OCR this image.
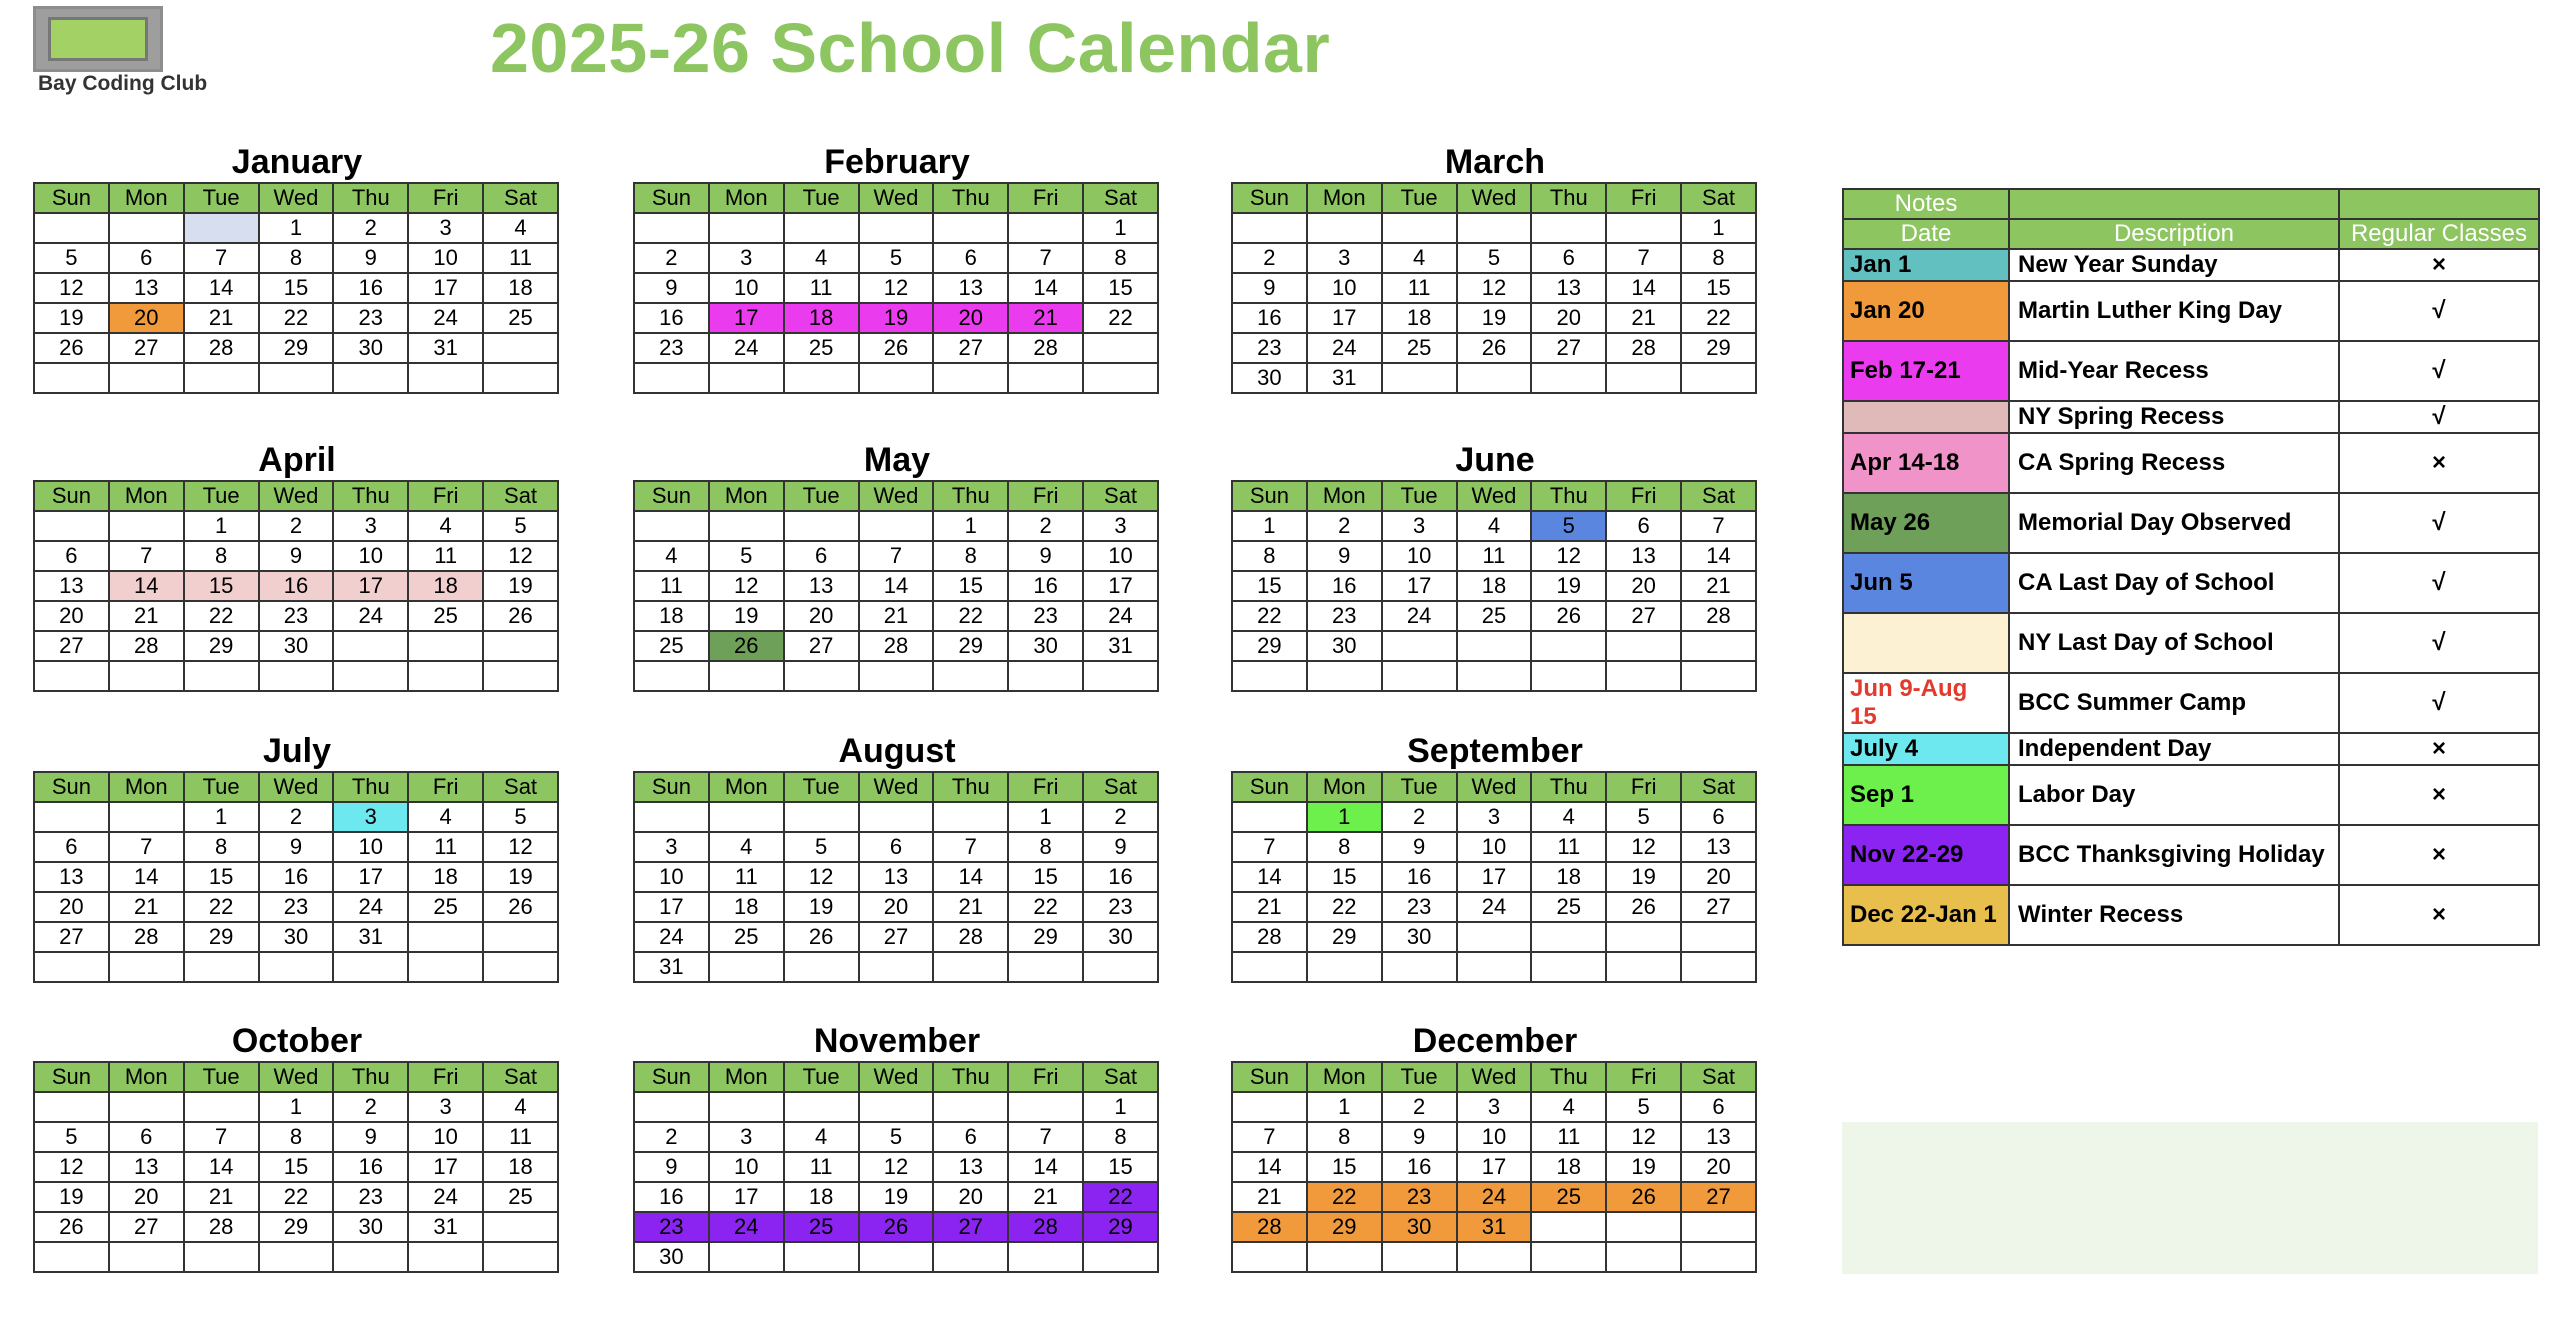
Bay Coding Club	2025-26 School Calendar
January
Sun	Mon	Tue	Wed	Thu	Fri	Sat
			1	2	3	4
5	6	7	8	9	10	11
12	13	14	15	16	17	18
19	20	21	22	23	24	25
26	27	28	29	30	31	

February
Sun	Mon	Tue	Wed	Thu	Fri	Sat
						1
2	3	4	5	6	7	8
9	10	11	12	13	14	15
16	17	18	19	20	21	22
23	24	25	26	27	28	

March
Sun	Mon	Tue	Wed	Thu	Fri	Sat
						1
2	3	4	5	6	7	8
9	10	11	12	13	14	15
16	17	18	19	20	21	22
23	24	25	26	27	28	29
30	31					
April
Sun	Mon	Tue	Wed	Thu	Fri	Sat
		1	2	3	4	5
6	7	8	9	10	11	12
13	14	15	16	17	18	19
20	21	22	23	24	25	26
27	28	29	30			

May
Sun	Mon	Tue	Wed	Thu	Fri	Sat
				1	2	3
4	5	6	7	8	9	10
11	12	13	14	15	16	17
18	19	20	21	22	23	24
25	26	27	28	29	30	31

June
Sun	Mon	Tue	Wed	Thu	Fri	Sat
1	2	3	4	5	6	7
8	9	10	11	12	13	14
15	16	17	18	19	20	21
22	23	24	25	26	27	28
29	30					

July
Sun	Mon	Tue	Wed	Thu	Fri	Sat
		1	2	3	4	5
6	7	8	9	10	11	12
13	14	15	16	17	18	19
20	21	22	23	24	25	26
27	28	29	30	31		

August
Sun	Mon	Tue	Wed	Thu	Fri	Sat
					1	2
3	4	5	6	7	8	9
10	11	12	13	14	15	16
17	18	19	20	21	22	23
24	25	26	27	28	29	30
31						
September
Sun	Mon	Tue	Wed	Thu	Fri	Sat
	1	2	3	4	5	6
7	8	9	10	11	12	13
14	15	16	17	18	19	20
21	22	23	24	25	26	27
28	29	30				

October
Sun	Mon	Tue	Wed	Thu	Fri	Sat
			1	2	3	4
5	6	7	8	9	10	11
12	13	14	15	16	17	18
19	20	21	22	23	24	25
26	27	28	29	30	31	

November
Sun	Mon	Tue	Wed	Thu	Fri	Sat
						1
2	3	4	5	6	7	8
9	10	11	12	13	14	15
16	17	18	19	20	21	22
23	24	25	26	27	28	29
30						
December
Sun	Mon	Tue	Wed	Thu	Fri	Sat
	1	2	3	4	5	6
7	8	9	10	11	12	13
14	15	16	17	18	19	20
21	22	23	24	25	26	27
28	29	30	31			

Notes		
Date	Description	Regular Classes
Jan 1	New Year Sunday	×
Jan 20	Martin Luther King Day	√
Feb 17-21	Mid-Year Recess	√
	NY Spring Recess	√
Apr 14-18	CA Spring Recess	×
May 26	Memorial Day Observed	√
Jun 5	CA Last Day of School	√
	NY Last Day of School	√
Jun 9-Aug 15	BCC Summer Camp	√
July 4	Independent Day	×
Sep 1	Labor Day	×
Nov 22-29	BCC Thanksgiving Holiday	×
Dec 22-Jan 1	Winter Recess	×
